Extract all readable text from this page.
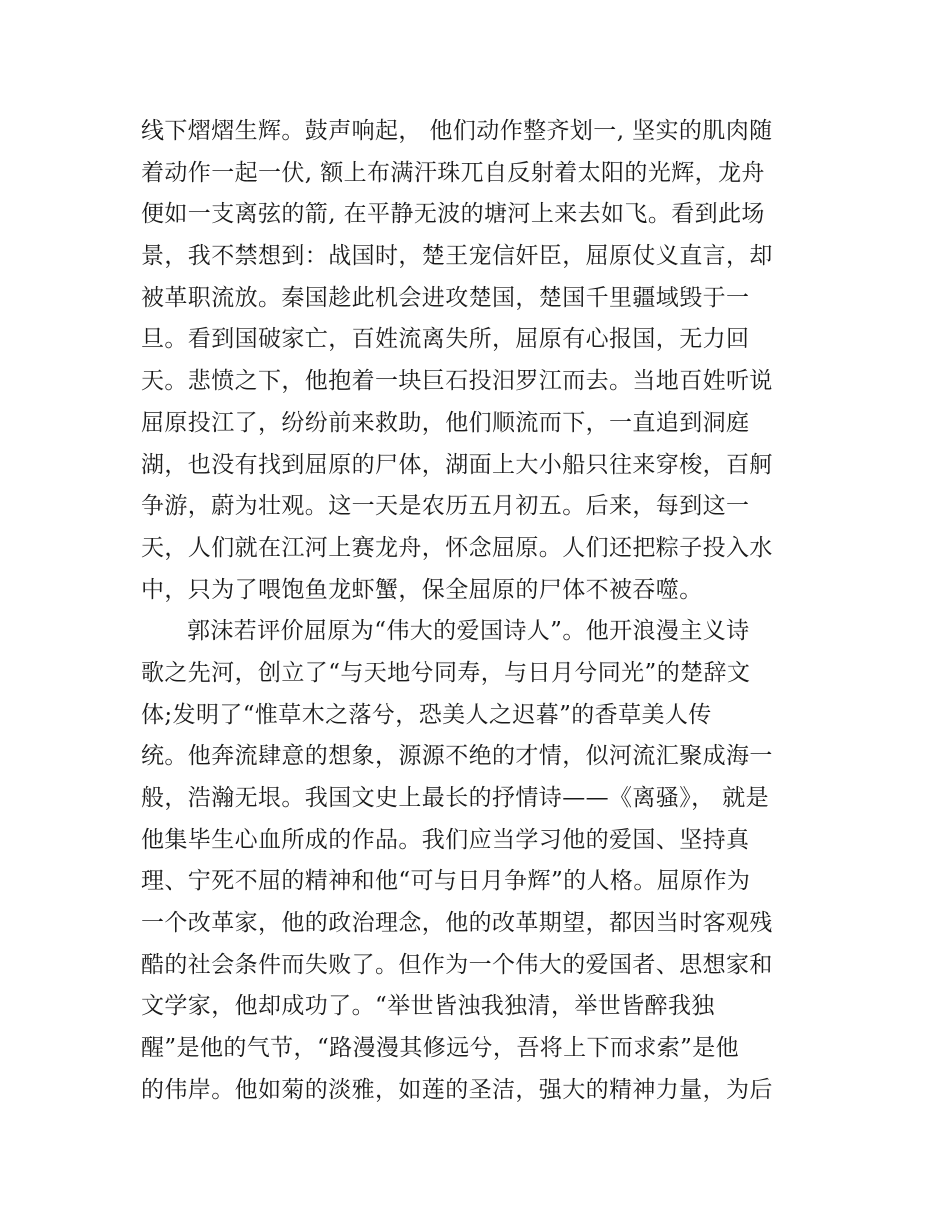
线下熠熠生辉。鼓声响起， 他们动作整齐划一, 坚实的肌肉随
着动作一起一伏, 额上布满汗珠兀自反射着太阳的光辉，龙舟
便如一支离弦的箭, 在平静无波的塘河上来去如飞。看到此场
景，我不禁想到：战国时，楚王宠信奸臣，屈原仗义直言，却
被革职流放。秦国趁此机会进攻楚国，楚国千里疆域毁于一
旦。看到国破家亡，百姓流离失所，屈原有心报国，无力回
天。悲愤之下，他抱着一块巨石投汨罗江而去。当地百姓听说
屈原投江了，纷纷前来救助，他们顺流而下，一直追到洞庭
湖，也没有找到屈原的尸体，湖面上大小船只往来穿梭，百舸
争游，蔚为壮观。这一天是农历五月初五。后来，每到这一
天，人们就在江河上赛龙舟，怀念屈原。人们还把粽子投入水
中，只为了喂饱鱼龙虾蟹，保全屈原的尸体不被吞噬。
郭沫若评价屈原为“伟大的爱国诗人”。他开浪漫主义诗
歌之先河，创立了“与天地兮同寿，与日月兮同光”的楚辞文
体;发明了“惟草木之落兮，恐美人之迟暮”的香草美人传
统。他奔流肆意的想象，源源不绝的才情，似河流汇聚成海一
般，浩瀚无垠。我国文史上最长的抒情诗——《离骚》， 就是
他集毕生心血所成的作品。我们应当学习他的爱国、坚持真
理、宁死不屈的精神和他“可与日月争辉”的人格。屈原作为
一个改革家，他的政治理念，他的改革期望，都因当时客观残
酷的社会条件而失败了。但作为一个伟大的爱国者、思想家和
文学家，他却成功了。“举世皆浊我独清，举世皆醉我独
醒”是他的气节，“路漫漫其修远兮，吾将上下而求索”是他
的伟岸。他如菊的淡雅，如莲的圣洁，强大的精神力量，为后
